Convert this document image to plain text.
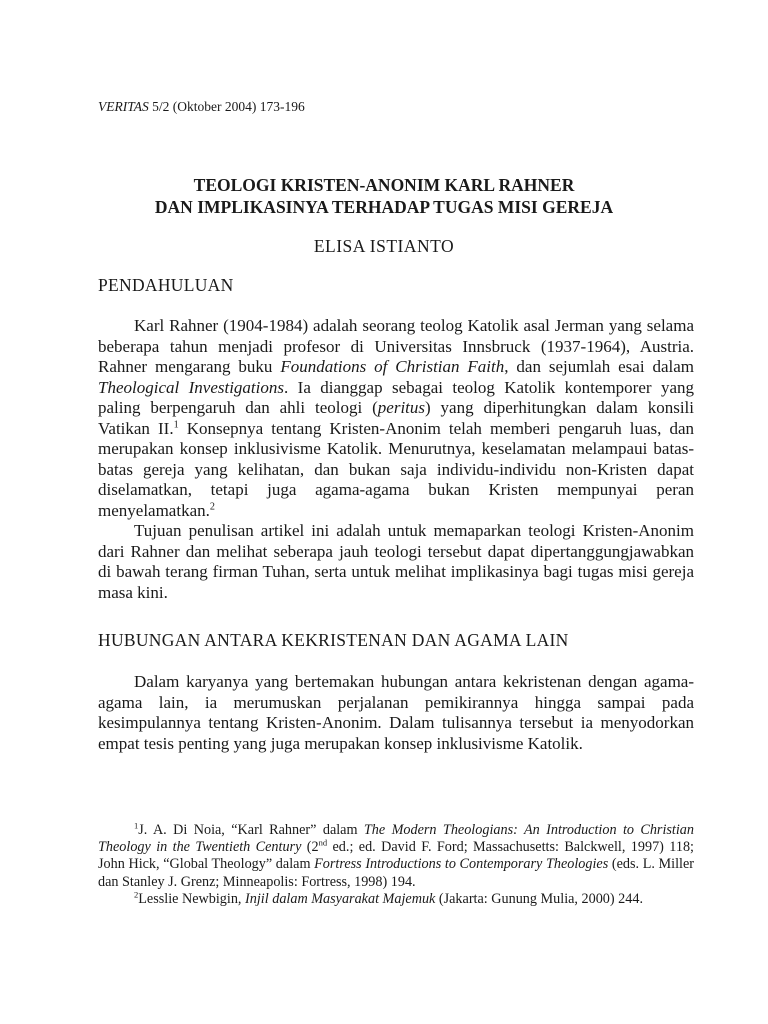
VERITAS 5/2 (Oktober 2004) 173-196
TEOLOGI KRISTEN-ANONIM KARL RAHNER
DAN IMPLIKASINYA TERHADAP TUGAS MISI GEREJA
ELISA ISTIANTO
PENDAHULUAN

Karl Rahner (1904-1984) adalah seorang teolog Katolik asal Jerman yang selama beberapa tahun menjadi profesor di Universitas Innsbruck (1937-1964), Austria. Rahner mengarang buku Foundations of Christian Faith, dan sejumlah esai dalam Theological Investigations. Ia dianggap sebagai teolog Katolik kontemporer yang paling berpengaruh dan ahli teologi (peritus) yang diperhitungkan dalam konsili Vatikan II.$^1$ Konsepnya tentang Kristen-Anonim telah memberi pengaruh luas, dan merupakan konsep inklusivisme Katolik. Menurutnya, keselamatan melampaui batas-batas gereja yang kelihatan, dan bukan saja individu-individu non-Kristen dapat diselamatkan, tetapi juga agama-agama bukan Kristen mempunyai peran menyelamatkan.$^2$

Tujuan penulisan artikel ini adalah untuk memaparkan teologi Kristen-Anonim dari Rahner dan melihat seberapa jauh teologi tersebut dapat dipertanggungjawabkan di bawah terang firman Tuhan, serta untuk melihat implikasinya bagi tugas misi gereja masa kini.

HUBUNGAN ANTARA KEKRISTENAN DAN AGAMA LAIN

Dalam karyanya yang bertemakan hubungan antara kekristenan dengan agama-agama lain, ia merumuskan perjalanan pemikirannya hingga sampai pada kesimpulannya tentang Kristen-Anonim. Dalam tulisannya tersebut ia menyodorkan empat tesis penting yang juga merupakan konsep inklusivisme Katolik.

$^1$J. A. Di Noia, “Karl Rahner” dalam The Modern Theologians: An Introduction to Christian Theology in the Twentieth Century (2nd ed.; ed. David F. Ford; Massachusetts: Balckwell, 1997) 118; John Hick, “Global Theology” dalam Fortress Introductions to Contemporary Theologies (eds. L. Miller dan Stanley J. Grenz; Minneapolis: Fortress, 1998) 194.

$^2$Lesslie Newbigin, Injil dalam Masyarakat Majemuk (Jakarta: Gunung Mulia, 2000) 244.
